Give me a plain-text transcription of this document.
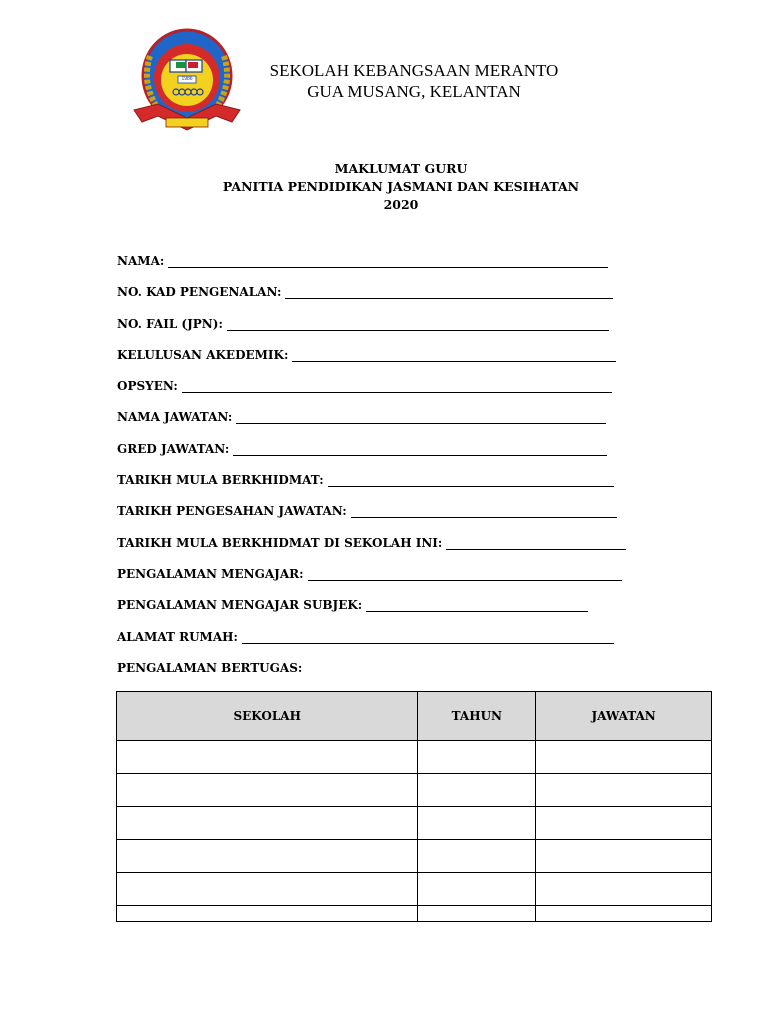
1986	SEKOLAH KEBANGSAAN MERANTO
GUA MUSANG, KELANTAN
MAKLUMAT GURU
PANITIA PENDIDIKAN JASMANI DAN KESIHATAN
2020
NAMA:
NO. KAD PENGENALAN:
NO. FAIL (JPN):
KELULUSAN AKEDEMIK:
OPSYEN:
NAMA JAWATAN:
GRED JAWATAN:
TARIKH MULA BERKHIDMAT:
TARIKH PENGESAHAN JAWATAN:
TARIKH MULA BERKHIDMAT DI SEKOLAH INI:
PENGALAMAN MENGAJAR:
PENGALAMAN MENGAJAR SUBJEK:
ALAMAT RUMAH:
PENGALAMAN BERTUGAS:
SEKOLAH	TAHUN	JAWATAN
